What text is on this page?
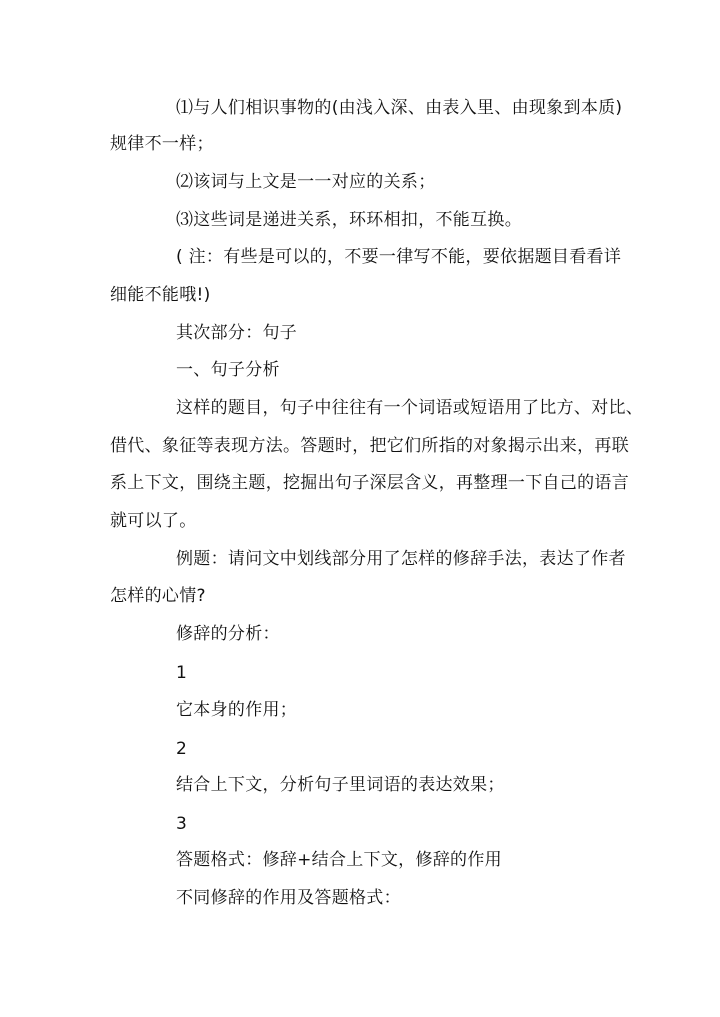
⑴与人们相识事物的(由浅入深、由表入里、由现象到本质)
规律不一样；
⑵该词与上文是一一对应的关系；
⑶这些词是递进关系，环环相扣，不能互换。
( 注：有些是可以的，不要一律写不能，要依据题目看看详
细能不能哦!)
其次部分：句子
一、句子分析
这样的题目，句子中往往有一个词语或短语用了比方、对比、
借代、象征等表现方法。答题时，把它们所指的对象揭示出来，再联
系上下文，围绕主题，挖掘出句子深层含义，再整理一下自己的语言
就可以了。
例题：请问文中划线部分用了怎样的修辞手法，表达了作者
怎样的心情?
修辞的分析：
1
它本身的作用；
2
结合上下文，分析句子里词语的表达效果；
3
答题格式：修辞+结合上下文，修辞的作用
不同修辞的作用及答题格式：
